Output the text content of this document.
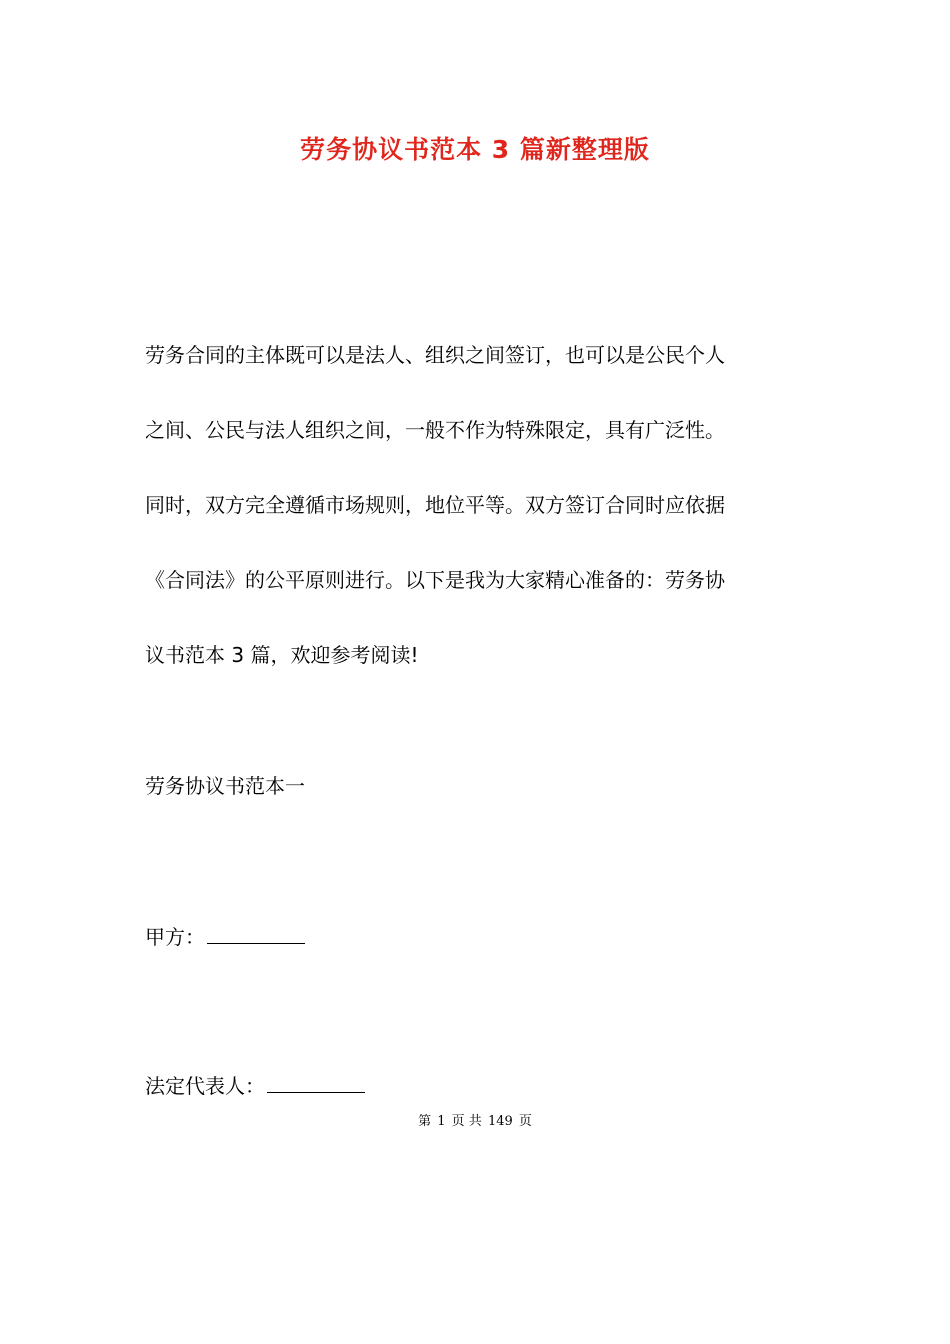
劳务协议书范本 3 篇新整理版
劳务合同的主体既可以是法人、组织之间签订，也可以是公民个人
之间、公民与法人组织之间，一般不作为特殊限定，具有广泛性。
同时，双方完全遵循市场规则，地位平等。双方签订合同时应依据
《合同法》的公平原则进行。以下是我为大家精心准备的：劳务协
议书范本 3 篇，欢迎参考阅读!
劳务协议书范本一

甲方：

法定代表人：

第 1 页 共 149 页
